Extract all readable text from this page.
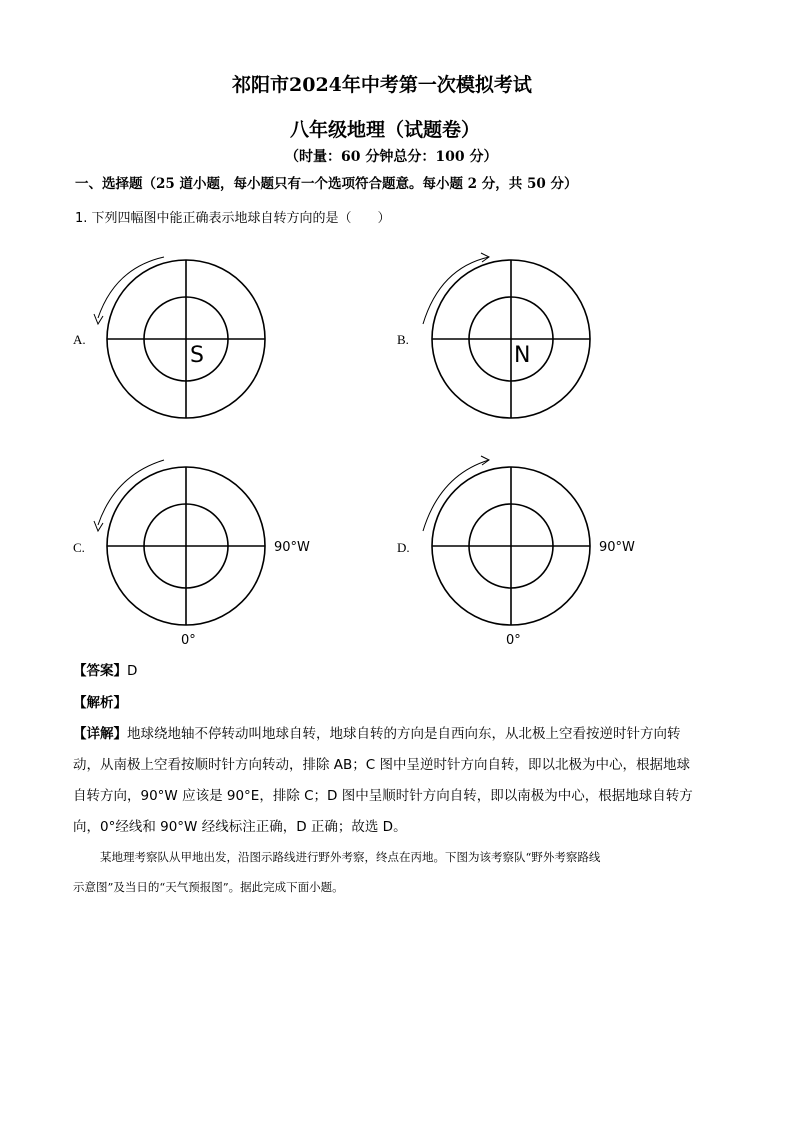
祁阳市2024年中考第一次模拟考试
八年级地理（试题卷）
（时量：60 分钟总分：100 分）
一、选择题（25 道小题，每小题只有一个选项符合题意。每小题 2 分，共 50 分）
1. 下列四幅图中能正确表示地球自转方向的是（　　）
A.	B.
C.	D.
S	N
90°W
0°
90°W
0°
【答案】D
【解析】
【详解】地球绕地轴不停转动叫地球自转，地球自转的方向是自西向东，从北极上空看按逆时针方向转
动，从南极上空看按顺时针方向转动，排除 AB；C 图中呈逆时针方向自转，即以北极为中心，根据地球
自转方向，90°W 应该是 90°E，排除 C；D 图中呈顺时针方向自转，即以南极为中心，根据地球自转方
向，0°经线和 90°W 经线标注正确，D 正确；故选 D。
某地理考察队从甲地出发，沿图示路线进行野外考察，终点在丙地。下图为该考察队“野外考察路线
示意图”及当日的“天气预报图”。据此完成下面小题。
